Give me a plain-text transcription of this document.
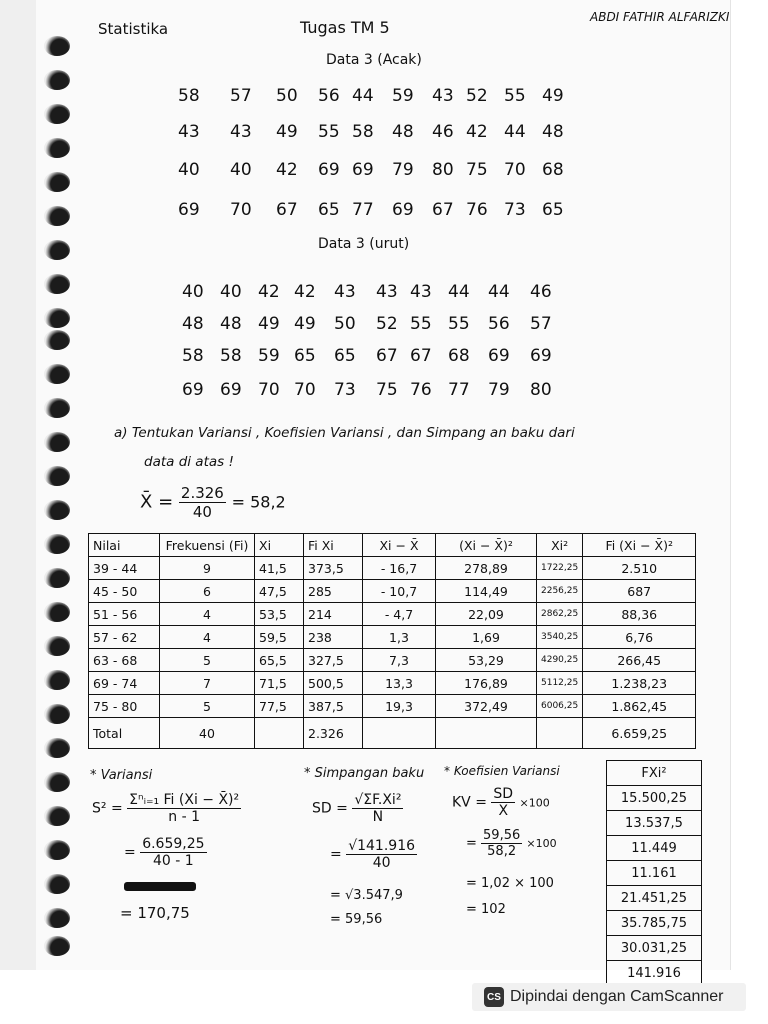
Statistika	Tugas TM 5
ABDI FATHIR ALFARIZKI
Data 3 (Acak)
58 57 50 56 44 59 43 52 55 49
43 43 49 55 58 48 46 42 44 48
40 40 42 69 69 79 80 75 70 68
69 70 67 65 77 69 67 76 73 65
Data 3 (urut)
40 40 42 42 43 43 43 44 44 46
48 48 49 49 50 52 55 55 56 57
58 58 59 65 65 67 67 68 69 69
69 69 70 70 73 75 76 77 79 80
a) Tentukan Variansi , Koefisien Variansi , dan Simpang an baku dari
data di atas !
X̄ = $\frac{2.326}{40} = 58,2$
Nilai	Frekuensi (Fi)	Xi	Fi Xi	Xi − X̄	(Xi − X̄)²	Xi²	Fi (Xi − X̄)²
39 - 44	9	41,5	373,5	- 16,7	278,89	1722,25	2.510
45 - 50	6	47,5	285	- 10,7	114,49	2256,25	687
51 - 56	4	53,5	214	- 4,7	22,09	2862,25	88,36
57 - 62	4	59,5	238	1,3	1,69	3540,25	6,76
63 - 68	5	65,5	327,5	7,3	53,29	4290,25	266,45
69 - 74	7	71,5	500,5	13,3	176,89	5112,25	1.238,23
75 - 80	5	77,5	387,5	19,3	372,49	6006,25	1.862,45
Total	40		2.326				6.659,25
FXi²
15.500,25
13.537,5
11.449
11.161
21.451,25
35.785,75
30.031,25
141.916
* Variansi
$S^2 = \frac{\text{Σⁿᵢ₌₁ Fi (Xi − X̄)²}}{n - 1}$
= $\frac{6.659,25}{40 - 1}$
= 170,75
* Simpangan baku
SD = $\frac{\text{√ΣF.Xi²}}{N}$
= $\frac{√141.916}{40}$
= √3.547,9
= 59,56
* Koefisien Variansi
KV = $\frac{SD}{X̄} \times 100$
= $\frac{59,56}{58,2} \times 100$
= 1,02 × 100
= 102
CS Dipindai dengan CamScanner
